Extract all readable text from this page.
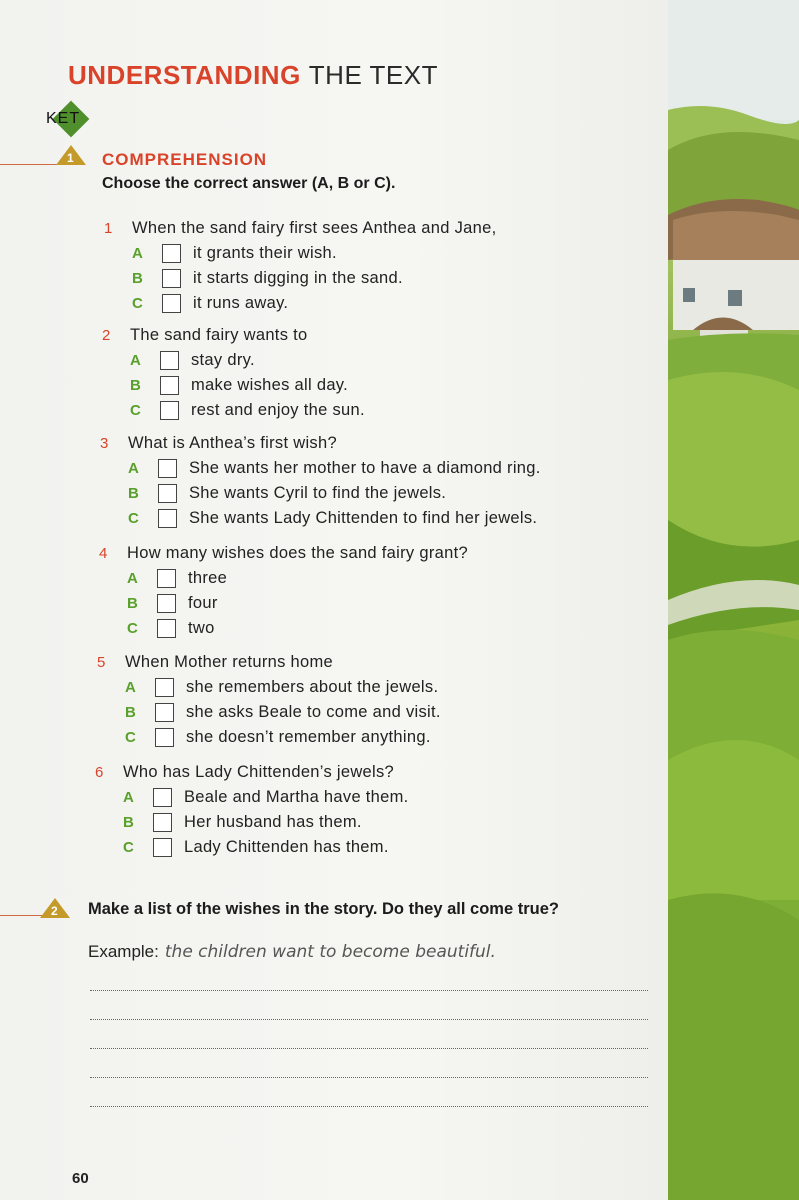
UNDERSTANDING THE TEXT
KET
1 COMPREHENSION
Choose the correct answer (A, B or C).
1	When the sand fairy first sees Anthea and Jane,
A	it grants their wish.
B	it starts digging in the sand.
C	it runs away.
2	The sand fairy wants to
A	stay dry.
B	make wishes all day.
C	rest and enjoy the sun.
3	What is Anthea’s first wish?
A	She wants her mother to have a diamond ring.
B	She wants Cyril to find the jewels.
C	She wants Lady Chittenden to find her jewels.
4	How many wishes does the sand fairy grant?
A	three
B	four
C	two
5	When Mother returns home
A	she remembers about the jewels.
B	she asks Beale to come and visit.
C	she doesn’t remember anything.
6	Who has Lady Chittenden’s jewels?
A	Beale and Martha have them.
B	Her husband has them.
C	Lady Chittenden has them.
2 Make a list of the wishes in the story. Do they all come true?
Example: the children want to become beautiful.
60
